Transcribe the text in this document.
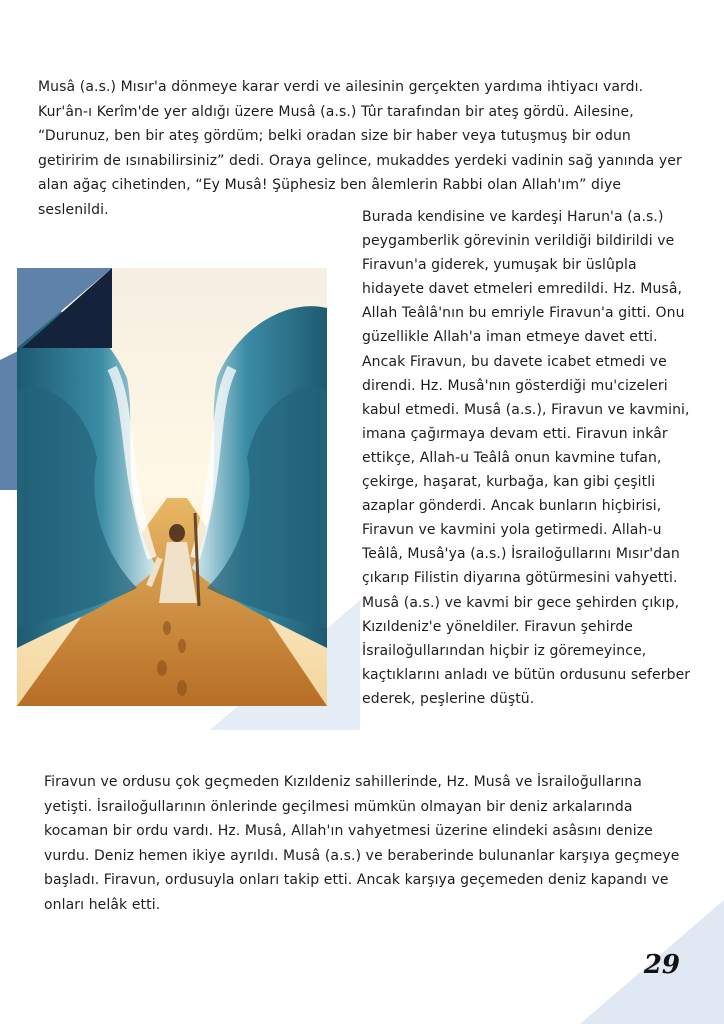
Musâ (a.s.) Mısır'a dönmeye karar verdi ve ailesinin gerçekten yardıma ihtiyacı vardı. Kur'ân-ı Kerîm'de yer aldığı üzere Musâ (a.s.) Tûr tarafından bir ateş gördü. Ailesine, “Durunuz, ben bir ateş gördüm; belki oradan size bir haber veya tutuşmuş bir odun getiririm de ısınabilirsiniz” dedi. Oraya gelince, mukaddes yerdeki vadinin sağ yanında yer alan ağaç cihetinden, “Ey Musâ! Şüphesiz ben âlemlerin Rabbi olan Allah'ım” diye seslenildi.	Burada kendisine ve kardeşi Harun'a (a.s.) peygamberlik görevinin verildiği bildirildi ve Firavun'a giderek, yumuşak bir üslûpla hidayete davet etmeleri emredildi. Hz. Musâ, Allah Teâlâ'nın bu emriyle Firavun'a gitti. Onu güzellikle Allah'a iman etmeye davet etti. Ancak Firavun, bu davete icabet etmedi ve direndi. Hz. Musâ'nın gösterdiği mu'cizeleri kabul etmedi. Musâ (a.s.), Firavun ve kavmini, imana çağırmaya devam etti. Firavun inkâr ettikçe, Allah-u Teâlâ onun kavmine tufan, çekirge, haşarat, kurbağa, kan gibi çeşitli azaplar gönderdi. Ancak bunların hiçbirisi, Firavun ve kavmini yola getirmedi. Allah-u Teâlâ, Musâ'ya (a.s.) İsrailoğullarını Mısır'dan çıkarıp Filistin diyarına götürmesini vahyetti. Musâ (a.s.) ve kavmi bir gece şehirden çıkıp, Kızıldeniz'e yöneldiler. Firavun şehirde İsrailoğullarından hiçbir iz göremeyince, kaçtıklarını anladı ve bütün ordusunu seferber ederek, peşlerine düştü.

Firavun ve ordusu çok geçmeden Kızıldeniz sahillerinde, Hz. Musâ ve İsrailoğullarına yetişti. İsrailoğullarının önlerinde geçilmesi mümkün olmayan bir deniz arkalarında kocaman bir ordu vardı. Hz. Musâ, Allah'ın vahyetmesi üzerine elindeki asâsını denize vurdu. Deniz hemen ikiye ayrıldı. Musâ (a.s.) ve beraberinde bulunanlar karşıya geçmeye başladı. Firavun, ordusuyla onları takip etti. Ancak karşıya geçemeden deniz kapandı ve onları helâk etti.

29
